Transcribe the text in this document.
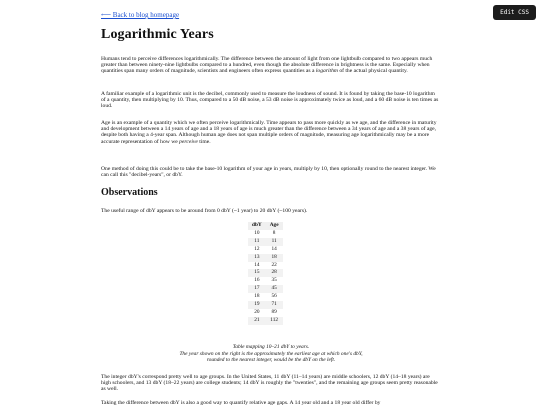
Edit CSS
⟵ Back to blog homepage
Logarithmic Years

Humans tend to perceive differences logarithmically. The difference between the amount of light from one lightbulb compared to two appears much greater than between ninety-nine lightbulbs compared to a hundred, even though the absolute difference in brightness is the same. Especially when quantities span many orders of magnitude, scientists and engineers often express quantities as a logarithm of the actual physical quantity.

A familiar example of a logarithmic unit is the decibel, commonly used to measure the loudness of sound. It is found by taking the base-10 logarithm of a quantity, then multiplying by 10. Thus, compared to a 50 dB noise, a 53 dB noise is approximately twice as loud, and a 60 dB noise is ten times as loud.

Age is an example of a quantity which we often perceive logarithmically. Time appears to pass more quickly as we age, and the difference in maturity and development between a 14 years of age and a 18 years of age is much greater than the difference between a 34 years of age and a 38 years of age, despite both having a 4-year span. Although human age does not span multiple orders of magnitude, measuring age logarithmically may be a more accurate representation of how we perceive time.

One method of doing this could be to take the base-10 logarithm of your age in years, multiply by 10, then optionally round to the nearest integer. We can call this "decibel-years", or dbY.

Observations

The useful range of dbY appears to be around from 0 dbY (~1 year) to 20 dbY (~100 years).

dbY	Age
10	8
11	11
12	14
13	18
14	22
15	28
16	35
17	45
18	56
19	71
20	89
21	112
Table mapping 10–21 dbY to years.
The year shown on the right is the approximately the earliest age at which one's dbY,
rounded to the nearest integer, would be the dbY on the left.

The integer dbY's correspond pretty well to age groups. In the United States, 11 dbY (11–14 years) are middle schoolers, 12 dbY (14–18 years) are high schoolers, and 13 dbY (18–22 years) are college students; 14 dbY is roughly the "twenties", and the remaining age groups seem pretty reasonable as well.

Taking the difference between dbY is also a good way to quantify relative age gaps. A 14 year old and a 18 year old differ by
